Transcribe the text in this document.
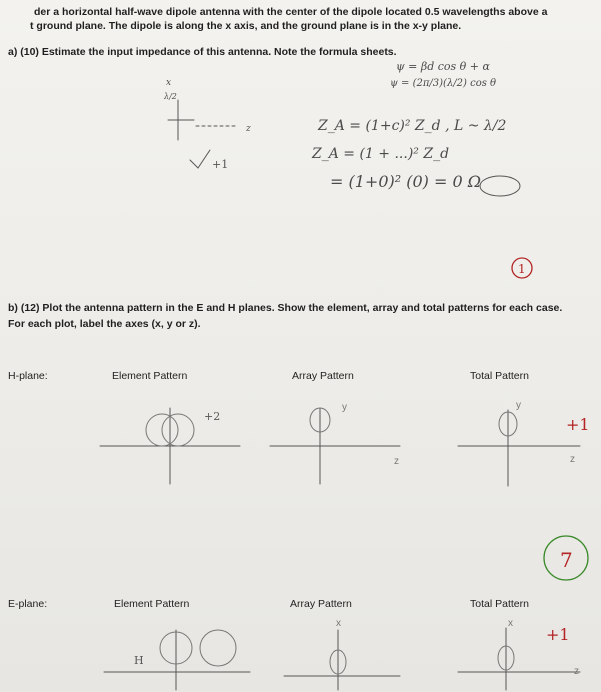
der a horizontal half-wave dipole antenna with the center of the dipole located 0.5 wavelengths above a
t ground plane. The dipole is along the x axis, and the ground plane is in the x-y plane.
a) (10) Estimate the input impedance of this antenna. Note the formula sheets.
ψ = βd cos θ + α
ψ = (2π/3)(λ/2) cos θ
Z_A = (1+c)² Z_d , L ~ λ/2
Z_A = (1 + ...)² Z_d
= (1+0)² (0) = 0 Ω
1
b) (12) Plot the antenna pattern in the E and H planes. Show the element, array and total patterns for each case.
For each plot, label the axes (x, y or z).
H-plane:	Element Pattern	Array Pattern	Total Pattern
E-plane:	Element Pattern	Array Pattern	Total Pattern
+1
7
+1
x
z
λ/2
+1
+2
y
z
y
z
H
x	x
z
